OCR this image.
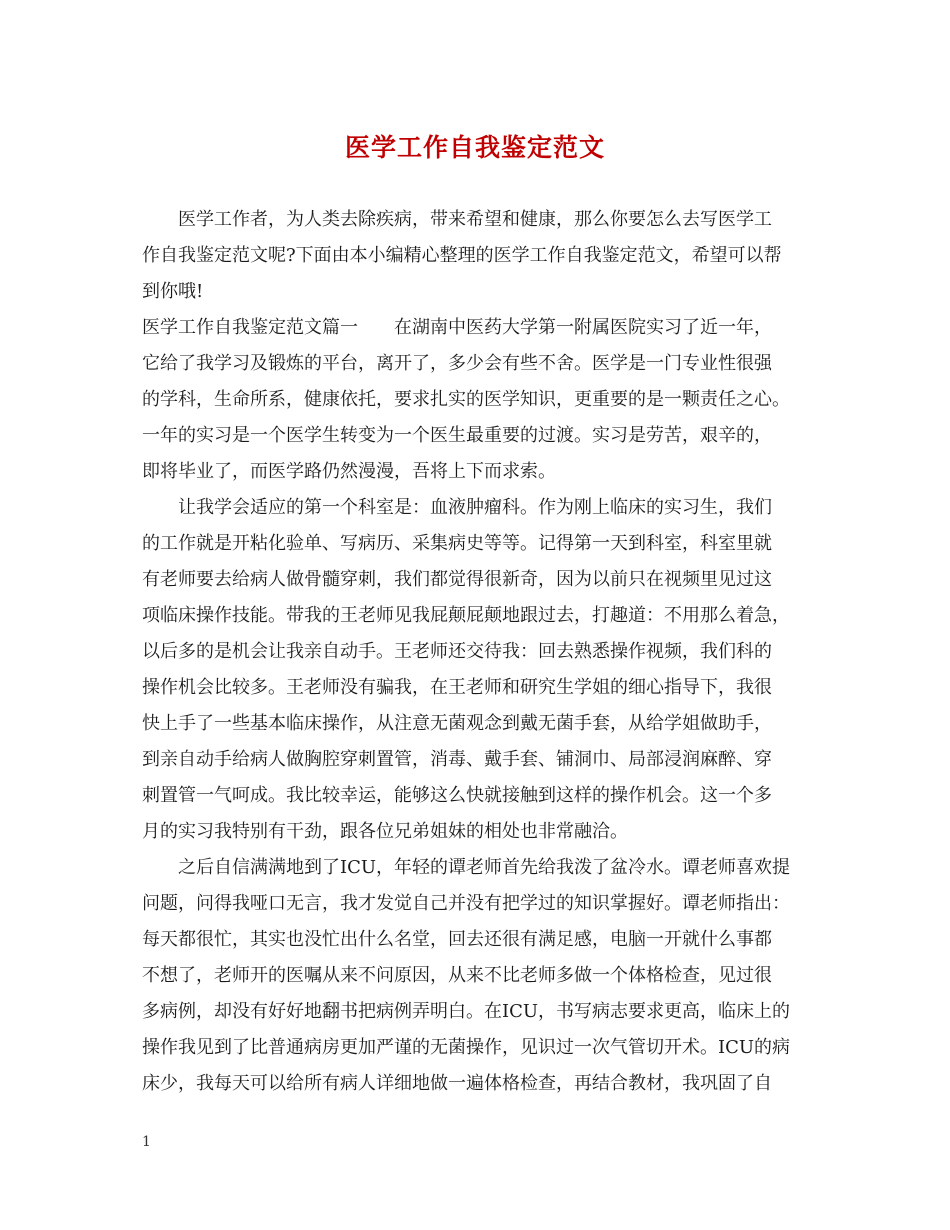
医学工作自我鉴定范文
　　医学工作者，为人类去除疾病，带来希望和健康，那么你要怎么去写医学工
作自我鉴定范文呢?下面由本小编精心整理的医学工作自我鉴定范文，希望可以帮
到你哦!
医学工作自我鉴定范文篇一　　在湖南中医药大学第一附属医院实习了近一年，
它给了我学习及锻炼的平台，离开了，多少会有些不舍。医学是一门专业性很强
的学科，生命所系，健康依托，要求扎实的医学知识，更重要的是一颗责任之心。
一年的实习是一个医学生转变为一个医生最重要的过渡。实习是劳苦，艰辛的，
即将毕业了，而医学路仍然漫漫，吾将上下而求索。
　　让我学会适应的第一个科室是：血液肿瘤科。作为刚上临床的实习生，我们
的工作就是开粘化验单、写病历、采集病史等等。记得第一天到科室，科室里就
有老师要去给病人做骨髓穿刺，我们都觉得很新奇，因为以前只在视频里见过这
项临床操作技能。带我的王老师见我屁颠屁颠地跟过去，打趣道：不用那么着急，
以后多的是机会让我亲自动手。王老师还交待我：回去熟悉操作视频，我们科的
操作机会比较多。王老师没有骗我，在王老师和研究生学姐的细心指导下，我很
快上手了一些基本临床操作，从注意无菌观念到戴无菌手套，从给学姐做助手，
到亲自动手给病人做胸腔穿刺置管，消毒、戴手套、铺洞巾、局部浸润麻醉、穿
刺置管一气呵成。我比较幸运，能够这么快就接触到这样的操作机会。这一个多
月的实习我特别有干劲，跟各位兄弟姐妹的相处也非常融洽。
　　之后自信满满地到了ICU，年轻的谭老师首先给我泼了盆冷水。谭老师喜欢提
问题，问得我哑口无言，我才发觉自己并没有把学过的知识掌握好。谭老师指出：
每天都很忙，其实也没忙出什么名堂，回去还很有满足感，电脑一开就什么事都
不想了，老师开的医嘱从来不问原因，从来不比老师多做一个体格检查，见过很
多病例，却没有好好地翻书把病例弄明白。在ICU，书写病志要求更高，临床上的
操作我见到了比普通病房更加严谨的无菌操作，见识过一次气管切开术。ICU的病
床少，我每天可以给所有病人详细地做一遍体格检查，再结合教材，我巩固了自
1
